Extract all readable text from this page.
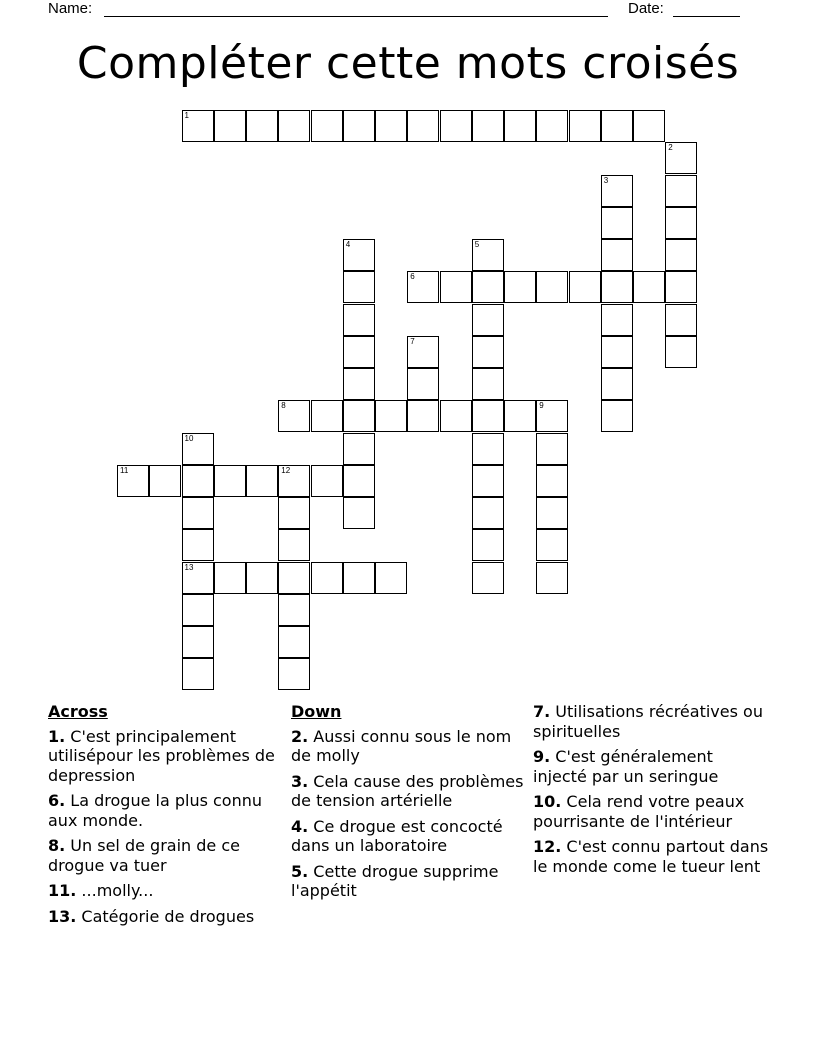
Name:	Date:
Compléter cette mots croisés
1
2
3
4	5
6
7
8	9
10
13
11	12
Across
1. C'est principalement utilisépour les problèmes de depression
6. La drogue la plus connu aux monde.
8. Un sel de grain de ce drogue va tuer
11. ...molly...
13. Catégorie de drogues
Down
2. Aussi connu sous le nom de molly
3. Cela cause des problèmes de tension artérielle
4. Ce drogue est concocté dans un laboratoire
5. Cette drogue supprime l'appétit
7. Utilisations récréatives ou spirituelles
9. C'est généralement injecté par un seringue
10. Cela rend votre peaux pourrisante de l'intérieur
12. C'est connu partout dans le monde come le tueur lent
